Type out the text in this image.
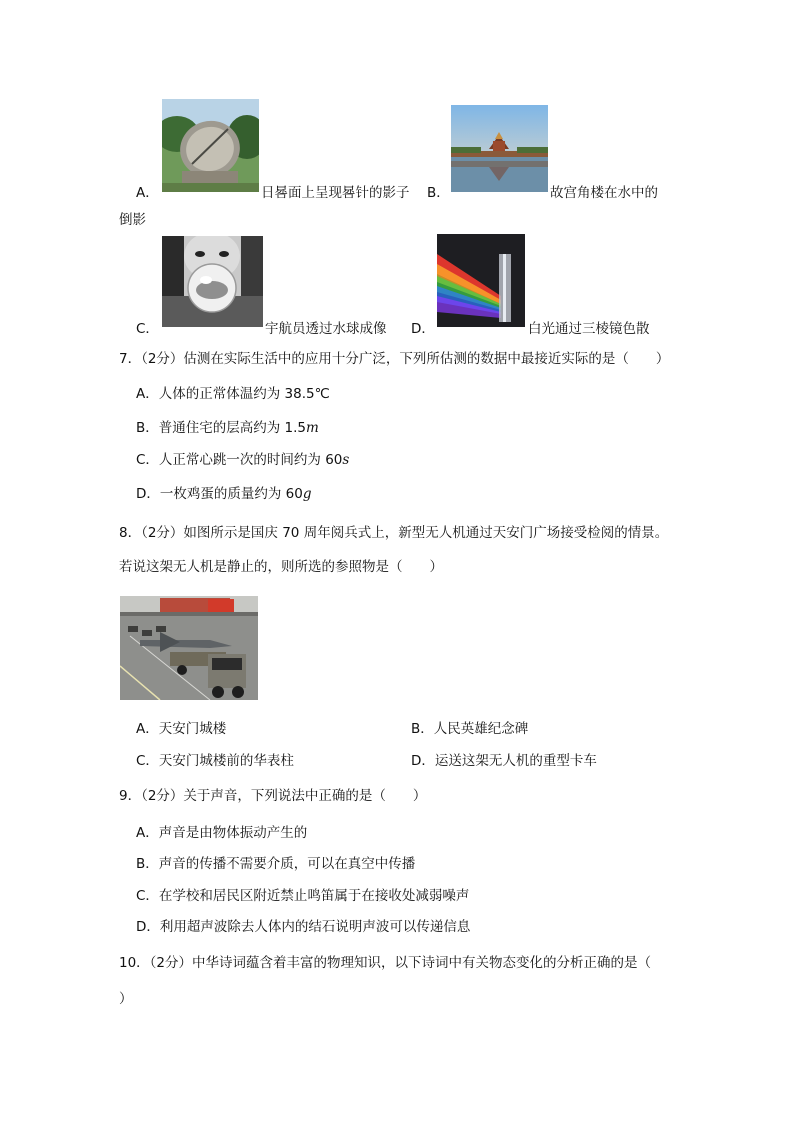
A．	日晷面上呈现晷针的影子 B．	故宫角楼在水中的
倒影
C．	宇航员透过水球成像 D．	白光通过三棱镜色散
7．（2分）估测在实际生活中的应用十分广泛，下列所估测的数据中最接近实际的是（　　）
A．人体的正常体温约为 38.5℃
B．普通住宅的层高约为 1.5m
C．人正常心跳一次的时间约为 60s
D．一枚鸡蛋的质量约为 60g
8．（2分）如图所示是国庆 70 周年阅兵式上，新型无人机通过天安门广场接受检阅的情景。
若说这架无人机是静止的，则所选的参照物是（　　）
A．天安门城楼	B．人民英雄纪念碑
C．天安门城楼前的华表柱	D．运送这架无人机的重型卡车
9．（2分）关于声音，下列说法中正确的是（　　）
A．声音是由物体振动产生的
B．声音的传播不需要介质，可以在真空中传播
C．在学校和居民区附近禁止鸣笛属于在接收处减弱噪声
D．利用超声波除去人体内的结石说明声波可以传递信息
10．（2分）中华诗词蕴含着丰富的物理知识，以下诗词中有关物态变化的分析正确的是（
）
